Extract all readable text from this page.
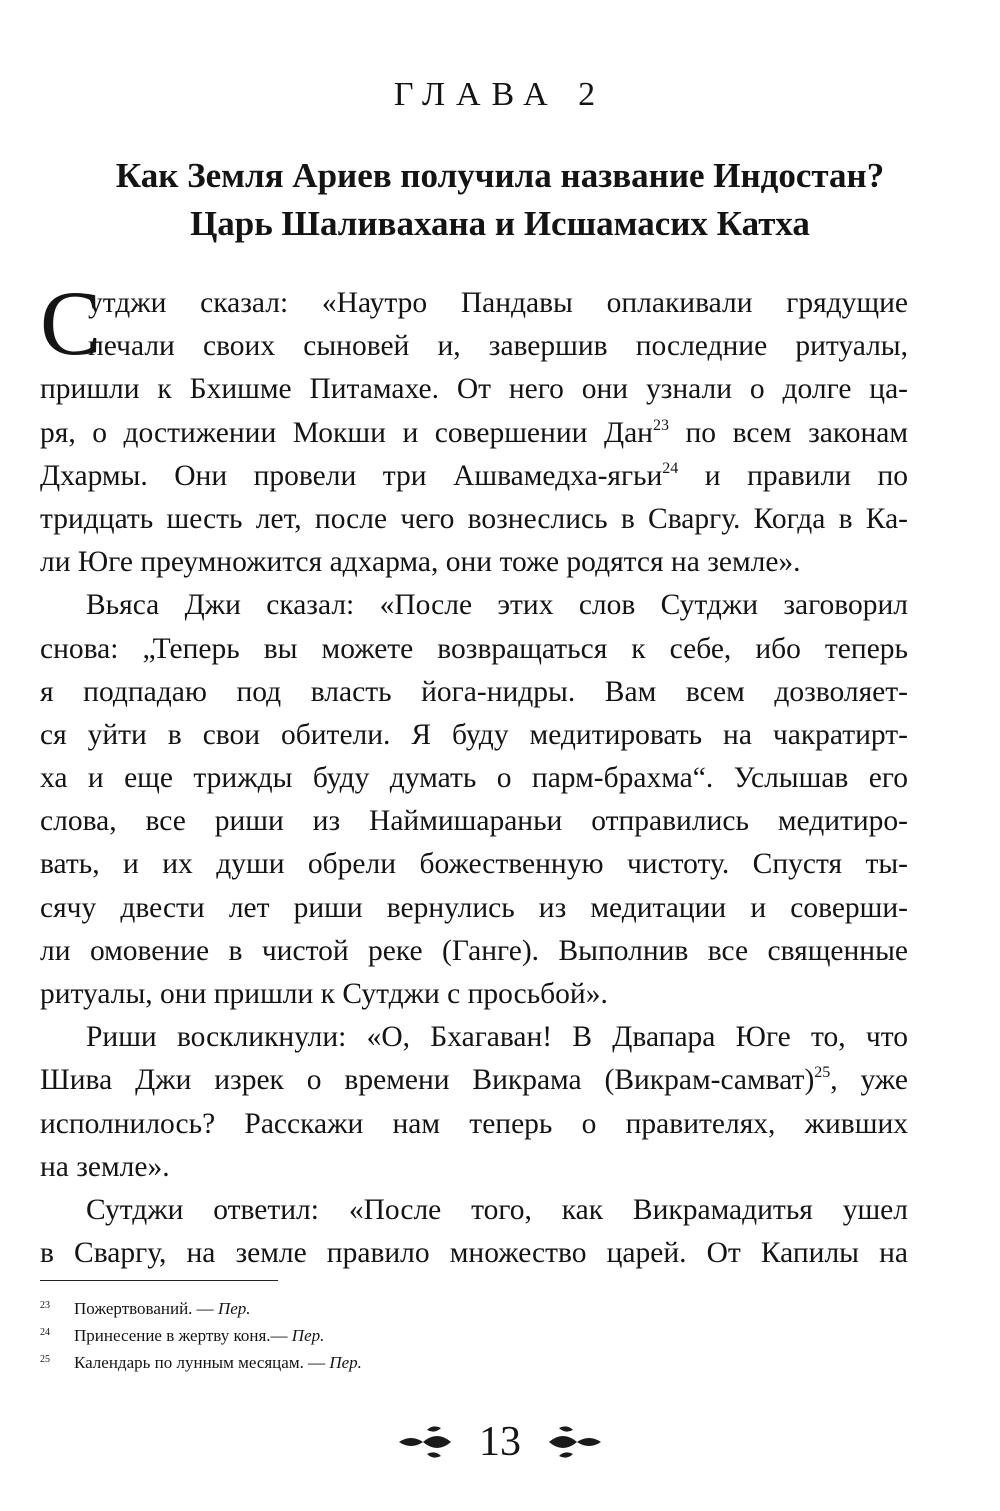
ГЛАВА 2
Как Земля Ариев получила название Индостан?
Царь Шаливахана и Исшамасих Катха
С
утджи сказал: «Наутро Пандавы оплакивали грядущие
печали своих сыновей и, завершив последние ритуалы,
пришли к Бхишме Питамахе. От него они узнали о долге ца-
ря, о достижении Мокши и совершении Дан$^{23}$ по всем законам
Дхармы. Они провели три Ашвамедха-ягьи$^{24}$ и правили по
тридцать шесть лет, после чего вознеслись в Сваргу. Когда в Ка-
ли Юге преумножится адхарма, они тоже родятся на земле».
Вьяса Джи сказал: «После этих слов Сутджи заговорил
снова: „Теперь вы можете возвращаться к себе, ибо теперь
я подпадаю под власть йога-нидры. Вам всем дозволяет-
ся уйти в свои обители. Я буду медитировать на чакратирт-
ха и еще трижды буду думать о парм-брахма“. Услышав его
слова, все риши из Наймишараньи отправились медитиро-
вать, и их души обрели божественную чистоту. Спустя ты-
сячу двести лет риши вернулись из медитации и соверши-
ли омовение в чистой реке (Ганге). Выполнив все священные
ритуалы, они пришли к Сутджи с просьбой».
Риши воскликнули: «О, Бхагаван! В Двапара Юге то, что
Шива Джи изрек о времени Викрама (Викрам-самват)$^{25}$, уже
исполнилось? Расскажи нам теперь о правителях, живших
на земле».
Сутджи ответил: «После того, как Викрамадитья ушел
в Сваргу, на земле правило множество царей. От Капилы на
23 Пожертвований. — Пер.
24 Принесение в жертву коня.— Пер.
25 Календарь по лунным месяцам. — Пер.
13
